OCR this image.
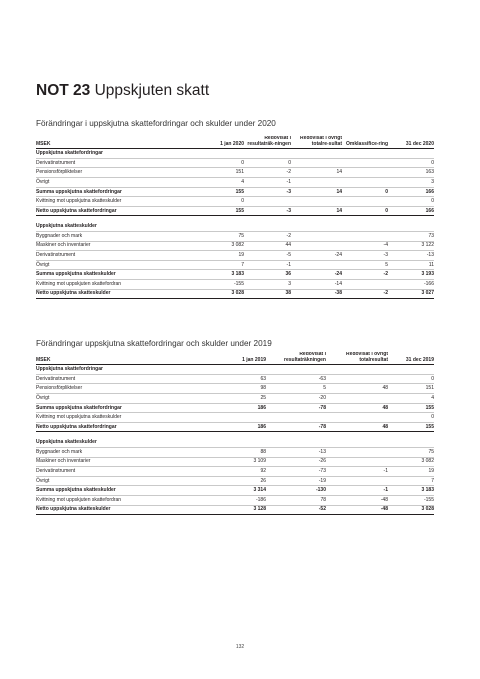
NOT 23 Uppskjuten skatt
Förändringar i uppskjutna skattefordringar och skulder under 2020
MSEK	1 jan 2020	Redovisat i resultaträk-ningen	Redovisat i övrigt totalre-sultat	Omklassifice-ring	31 dec 2020
Uppskjutna skattefordringar					
Derivatinstrument	0	0			0
Pensionsförpliktelser	151	-2	14		163
Övrigt	4	-1			3
Summa uppskjutna skattefordringar	155	-3	14	0	166
Kvittning mot uppskjutna skatteskulder	0				0
Netto uppskjutna skattefordringar	155	-3	14	0	166

Uppskjutna skatteskulder					
Byggnader och mark	75	-2			73
Maskiner och inventarier	3 082	44		-4	3 122
Derivatinstrument	19	-5	-24	-3	-13
Övrigt	7	-1		5	11
Summa uppskjutna skatteskulder	3 183	36	-24	-2	3 193
Kvittning mot uppskjuten skattefordran	-155	3	-14		-166
Netto uppskjutna skatteskulder	3 028	38	-38	-2	3 027
Förändringar uppskjutna skattefordringar och skulder under 2019
MSEK	1 jan 2019	Redovisat i resultaträkningen	Redovisat i övrigt totalresultat	31 dec 2019
Uppskjutna skattefordringar				
Derivatinstrument	63	-63		0
Pensionsförpliktelser	98	5	48	151
Övrigt	25	-20		4
Summa uppskjutna skattefordringar	186	-78	48	155
Kvittning mot uppskjutna skatteskulder				0
Netto uppskjutna skattefordringar	186	-78	48	155

Uppskjutna skatteskulder				
Byggnader och mark	88	-13		75
Maskiner och inventarier	3 109	-26		3 082
Derivatinstrument	92	-73	-1	19
Övrigt	26	-19		7
Summa uppskjutna skatteskulder	3 314	-130	-1	3 183
Kvittning mot uppskjuten skattefordran	-186	78	-48	-155
Netto uppskjutna skatteskulder	3 128	-52	-48	3 028
132
